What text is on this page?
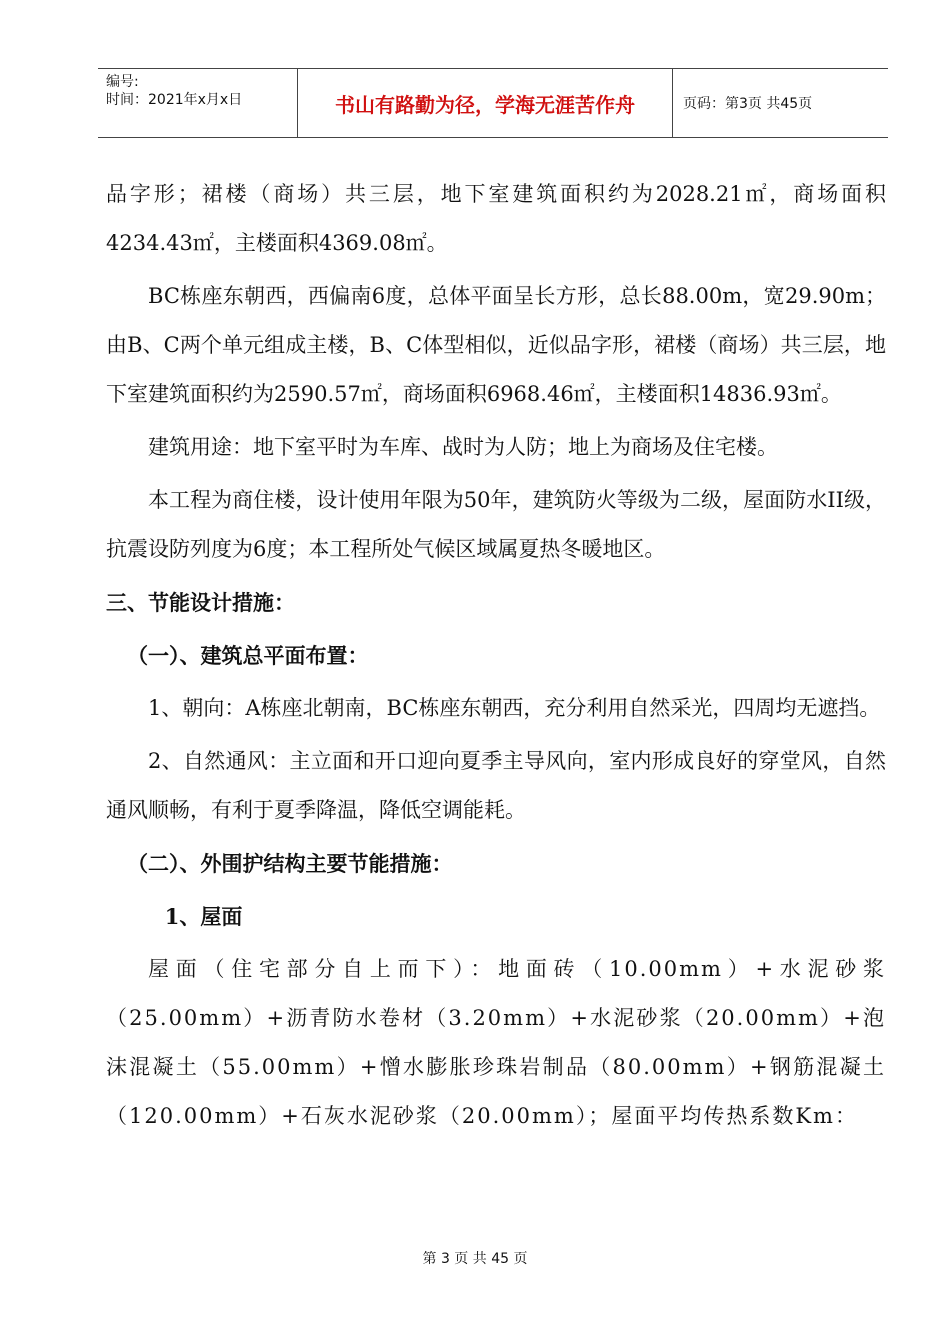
编号:
时间：2021年x月x日	书山有路勤为径，学海无涯苦作舟	页码：第3页 共45页

品字形；裙楼（商场）共三层，地下室建筑面积约为2028.21㎡，商场面积4234.43㎡，主楼面积4369.08㎡。

BC栋座东朝西，西偏南6度，总体平面呈长方形，总长88.00m，宽29.90m；由B、C两个单元组成主楼，B、C体型相似，近似品字形，裙楼（商场）共三层，地下室建筑面积约为2590.57㎡，商场面积6968.46㎡，主楼面积14836.93㎡。

建筑用途：地下室平时为车库、战时为人防；地上为商场及住宅楼。

本工程为商住楼，设计使用年限为50年，建筑防火等级为二级，屋面防水II级，抗震设防列度为6度；本工程所处气候区域属夏热冬暖地区。

三、节能设计措施：

（一）、建筑总平面布置：

1、朝向：A栋座北朝南，BC栋座东朝西，充分利用自然采光，四周均无遮挡。

2、自然通风：主立面和开口迎向夏季主导风向，室内形成良好的穿堂风，自然通风顺畅，有利于夏季降温，降低空调能耗。

（二）、外围护结构主要节能措施：

1、屋面

屋面（住宅部分自上而下）：地面砖（10.00mm）+水泥砂浆（25.00mm）+沥青防水卷材（3.20mm）+水泥砂浆（20.00mm）+泡沫混凝土（55.00mm）+憎水膨胀珍珠岩制品（80.00mm）+钢筋混凝土（120.00mm）+石灰水泥砂浆（20.00mm）；屋面平均传热系数Km：

第 3 页 共 45 页
